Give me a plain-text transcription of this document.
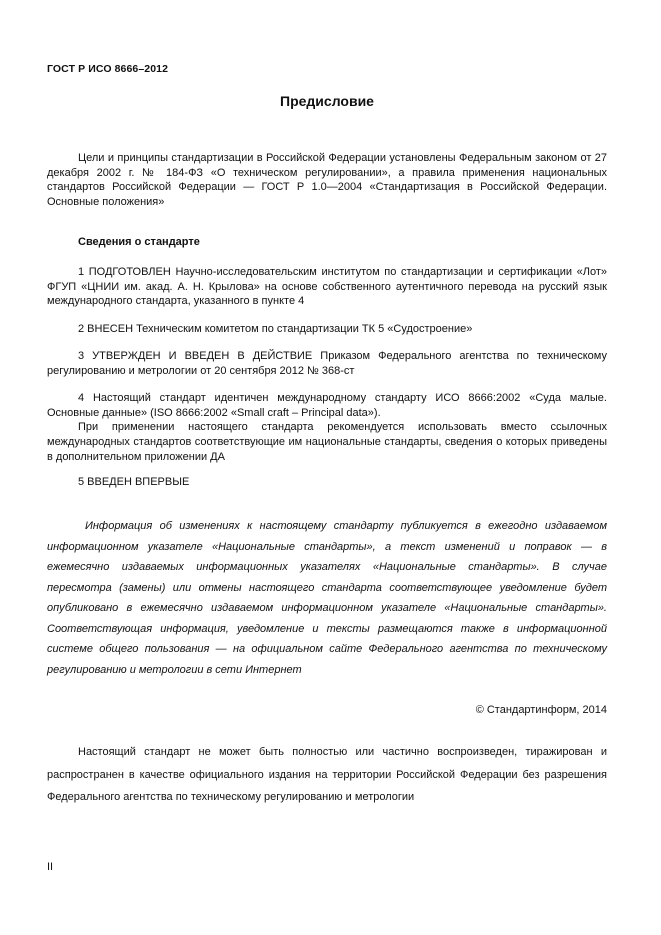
ГОСТ Р ИСО 8666–2012
Предисловие

Цели и принципы стандартизации в Российской Федерации установлены Федеральным законом от 27 декабря 2002 г. № 184-ФЗ «О техническом регулировании», а правила применения национальных стандартов Российской Федерации — ГОСТ Р 1.0—2004 «Стандартизация в Российской Федерации. Основные положения»

Сведения о стандарте

1 ПОДГОТОВЛЕН Научно-исследовательским институтом по стандартизации и сертификации «Лот» ФГУП «ЦНИИ им. акад. А. Н. Крылова» на основе собственного аутентичного перевода на русский язык международного стандарта, указанного в пункте 4

2 ВНЕСЕН Техническим комитетом по стандартизации ТК 5 «Судостроение»

3 УТВЕРЖДЕН И ВВЕДЕН В ДЕЙСТВИЕ Приказом Федерального агентства по техническому регулированию и метрологии от 20 сентября 2012 № 368-ст

4 Настоящий стандарт идентичен международному стандарту ИСО 8666:2002 «Суда малые. Основные данные» (ISO 8666:2002 «Small craft – Principal data»).

При применении настоящего стандарта рекомендуется использовать вместо ссылочных международных стандартов соответствующие им национальные стандарты, сведения о которых приведены в дополнительном приложении ДА

5 ВВЕДЕН ВПЕРВЫЕ

Информация об изменениях к настоящему стандарту публикуется в ежегодно издаваемом информационном указателе «Национальные стандарты», а текст изменений и поправок — в ежемесячно издаваемых информационных указателях «Национальные стандарты». В случае пересмотра (замены) или отмены настоящего стандарта соответствующее уведомление будет опубликовано в ежемесячно издаваемом информационном указателе «Национальные стандарты». Соответствующая информация, уведомление и тексты размещаются также в информационной системе общего пользования — на официальном сайте Федерального агентства по техническому регулированию и метрологии в сети Интернет

© Стандартинформ, 2014

Настоящий стандарт не может быть полностью или частично воспроизведен, тиражирован и распространен в качестве официального издания на территории Российской Федерации без разрешения Федерального агентства по техническому регулированию и метрологии

II
